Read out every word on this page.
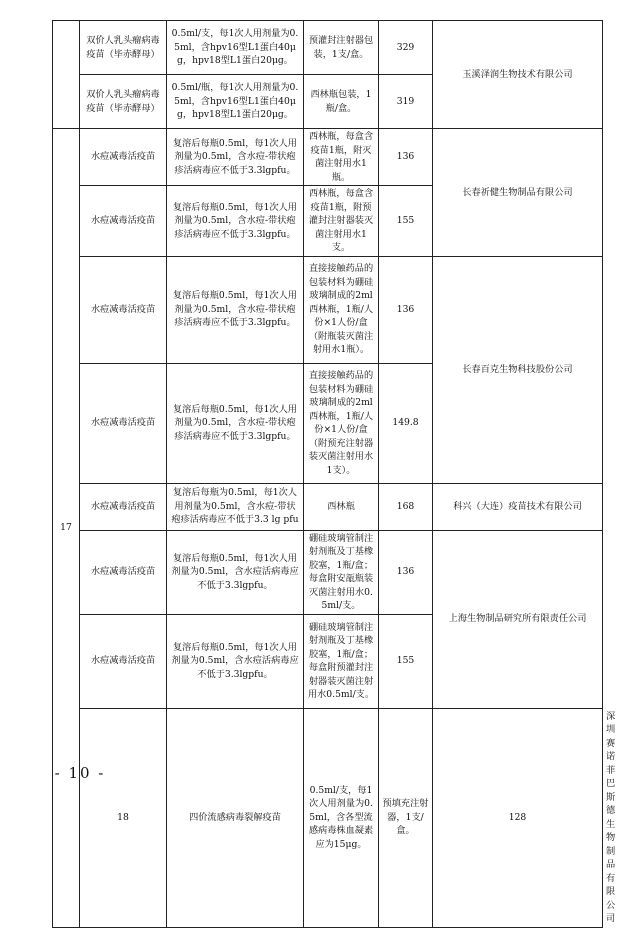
	双价人乳头瘤病毒疫苗（毕赤酵母）	0.5ml/支，每1次人用剂量为0.5ml，含hpv16型L1蛋白40μg，hpv18型L1蛋白20μg。	预灌封注射器包装，1支/盒。	329	玉溪泽润生物技术有限公司	
	双价人乳头瘤病毒疫苗（毕赤酵母）	0.5ml/瓶，每1次人用剂量为0.5ml，含hpv16型L1蛋白40μg，hpv18型L1蛋白20μg。	西林瓶包装，1瓶/盒。	319		
17	水痘减毒活疫苗	复溶后每瓶0.5ml，每1次人用剂量为0.5ml，含水痘-带状疱疹活病毒应不低于3.3lgpfu。	西林瓶，每盒含疫苗1瓶，附灭菌注射用水1瓶。	136	长春祈健生物制品有限公司	
	水痘减毒活疫苗	复溶后每瓶0.5ml，每1次人用剂量为0.5ml，含水痘-带状疱疹活病毒应不低于3.3lgpfu。	西林瓶，每盒含疫苗1瓶，附预灌封注射器装灭菌注射用水1支。	155		
	水痘减毒活疫苗	复溶后每瓶0.5ml，每1次人用剂量为0.5ml，含水痘-带状疱疹活病毒应不低于3.3lgpfu。	直接接触药品的包装材料为硼硅玻璃制成的2ml西林瓶，1瓶/人份×1人份/盒（附瓶装灭菌注射用水1瓶）。	136	长春百克生物科技股份公司	
	水痘减毒活疫苗	复溶后每瓶0.5ml，每1次人用剂量为0.5ml，含水痘-带状疱疹活病毒应不低于3.3lgpfu。	直接接触药品的包装材料为硼硅玻璃制成的2ml西林瓶，1瓶/人份×1人份/盒（附预充注射器装灭菌注射用水1支）。	149.8		
	水痘减毒活疫苗	复溶后每瓶为0.5ml，每1次人用剂量为0.5ml，含水痘-带状疱疹活病毒应不低于3.3 lg pfu	西林瓶	168	科兴（大连）疫苗技术有限公司	
	水痘减毒活疫苗	复溶后每瓶0.5ml，每1次人用剂量为0.5ml，含水痘活病毒应不低于3.3lgpfu。	硼硅玻璃管制注射剂瓶及丁基橡胶塞，1瓶/盒；每盒附安瓿瓶装灭菌注射用水0.5ml/支。	136	上海生物制品研究所有限责任公司	
	水痘减毒活疫苗	复溶后每瓶0.5ml，每1次人用剂量为0.5ml，含水痘活病毒应不低于3.3lgpfu。	硼硅玻璃管制注射剂瓶及丁基橡胶塞，1瓶/盒；每盒附预灌封注射器装灭菌注射用水0.5ml/支。	155		
	18	四价流感病毒裂解疫苗	0.5ml/支，每1次人用剂量为0.5ml，含各型流感病毒株血凝素应为15μg。	预填充注射器，1支/盒。	128	深圳赛诺菲巴斯德生物制品有限公司
- 10 -
